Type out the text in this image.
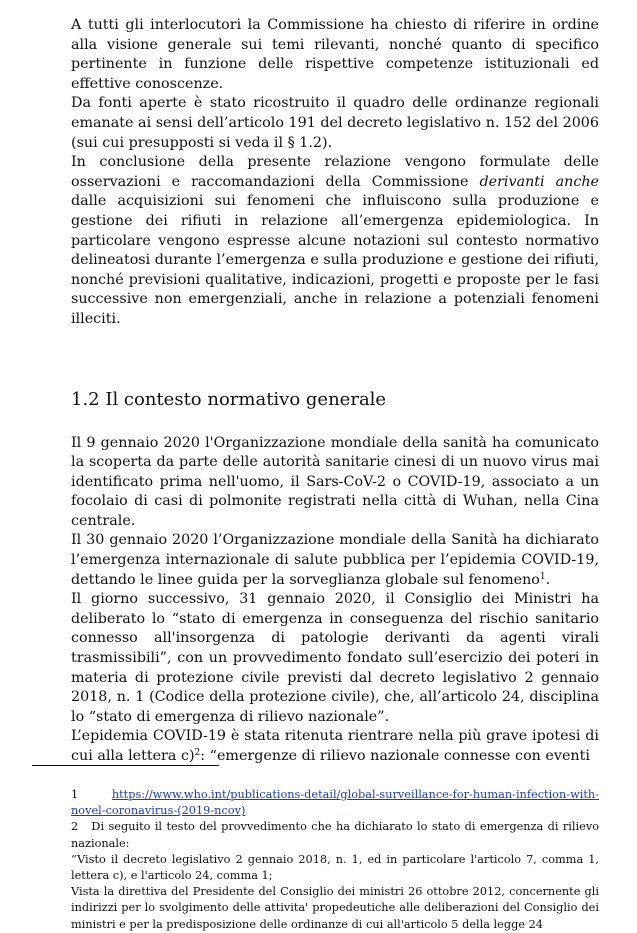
A tutti gli interlocutori la Commissione ha chiesto di riferire in ordine alla visione generale sui temi rilevanti, nonché quanto di specifico pertinente in funzione delle rispettive competenze istituzionali ed effettive conoscenze.

Da fonti aperte è stato ricostruito il quadro delle ordinanze regionali emanate ai sensi dell’articolo 191 del decreto legislativo n. 152 del 2006 (sui cui presupposti si veda il § 1.2).

In conclusione della presente relazione vengono formulate delle osservazioni e raccomandazioni della Commissione derivanti anche dalle acquisizioni sui fenomeni che influiscono sulla produzione e gestione dei rifiuti in relazione all’emergenza epidemiologica. In particolare vengono espresse alcune notazioni sul contesto normativo delineatosi durante l’emergenza e sulla produzione e gestione dei rifiuti, nonché previsioni qualitative, indicazioni, progetti e proposte per le fasi successive non emergenziali, anche in relazione a potenziali fenomeni illeciti.

1.2 Il contesto normativo generale

Il 9 gennaio 2020 l'Organizzazione mondiale della sanità ha comunicato la scoperta da parte delle autorità sanitarie cinesi di un nuovo virus mai identificato prima nell'uomo, il Sars-CoV-2 o COVID-19, associato a un focolaio di casi di polmonite registrati nella città di Wuhan, nella Cina centrale.

Il 30 gennaio 2020 l’Organizzazione mondiale della Sanità ha dichiarato l’emergenza internazionale di salute pubblica per l’epidemia COVID-19, dettando le linee guida per la sorveglianza globale sul fenomeno$^1$.

Il giorno successivo, 31 gennaio 2020, il Consiglio dei Ministri ha deliberato lo “stato di emergenza in conseguenza del rischio sanitario connesso all'insorgenza di patologie derivanti da agenti virali trasmissibili”, con un provvedimento fondato sull’esercizio dei poteri in materia di protezione civile previsti dal decreto legislativo 2 gennaio 2018, n. 1 (Codice della protezione civile), che, all’articolo 24, disciplina lo “stato di emergenza di rilievo nazionale”.

L’epidemia COVID-19 è stata ritenuta rientrare nella più grave ipotesi di cui alla lettera c)$^2$: “emergenze di rilievo nazionale connesse con eventi

1	https://www.who.int/publications-detail/global-surveillance-for-human-infection-with-novel-coronavirus-(2019-ncov)

2 Di seguito il testo del provvedimento che ha dichiarato lo stato di emergenza di rilievo nazionale:

“Visto il decreto legislativo 2 gennaio 2018, n. 1, ed in particolare l'articolo 7, comma 1, lettera c), e l'articolo 24, comma 1;

Vista la direttiva del Presidente del Consiglio dei ministri 26 ottobre 2012, concernente gli indirizzi per lo svolgimento delle attivita' propedeutiche alle deliberazioni del Consiglio dei ministri e per la predisposizione delle ordinanze di cui all'articolo 5 della legge 24
